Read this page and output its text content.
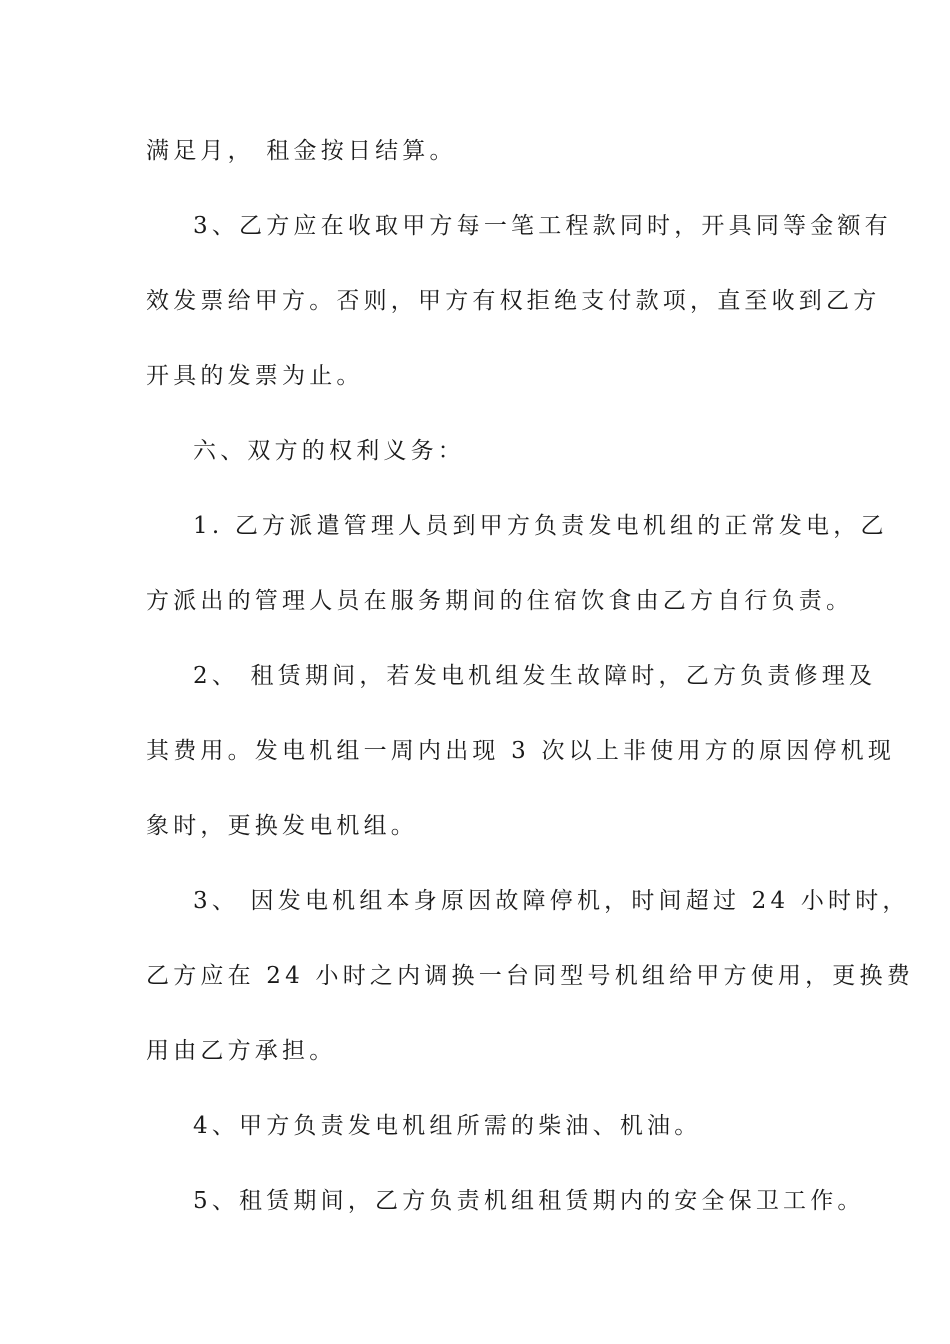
满足月， 租金按日结算。
3、乙方应在收取甲方每一笔工程款同时，开具同等金额有
效发票给甲方。否则，甲方有权拒绝支付款项，直至收到乙方
开具的发票为止。
六、双方的权利义务：
1. 乙方派遣管理人员到甲方负责发电机组的正常发电，乙
方派出的管理人员在服务期间的住宿饮食由乙方自行负责。
2、 租赁期间，若发电机组发生故障时，乙方负责修理及
其费用。发电机组一周内出现 3 次以上非使用方的原因停机现
象时，更换发电机组。
3、 因发电机组本身原因故障停机，时间超过 24 小时时，
乙方应在 24 小时之内调换一台同型号机组给甲方使用，更换费
用由乙方承担。
4、甲方负责发电机组所需的柴油、机油。
5、租赁期间，乙方负责机组租赁期内的安全保卫工作。
